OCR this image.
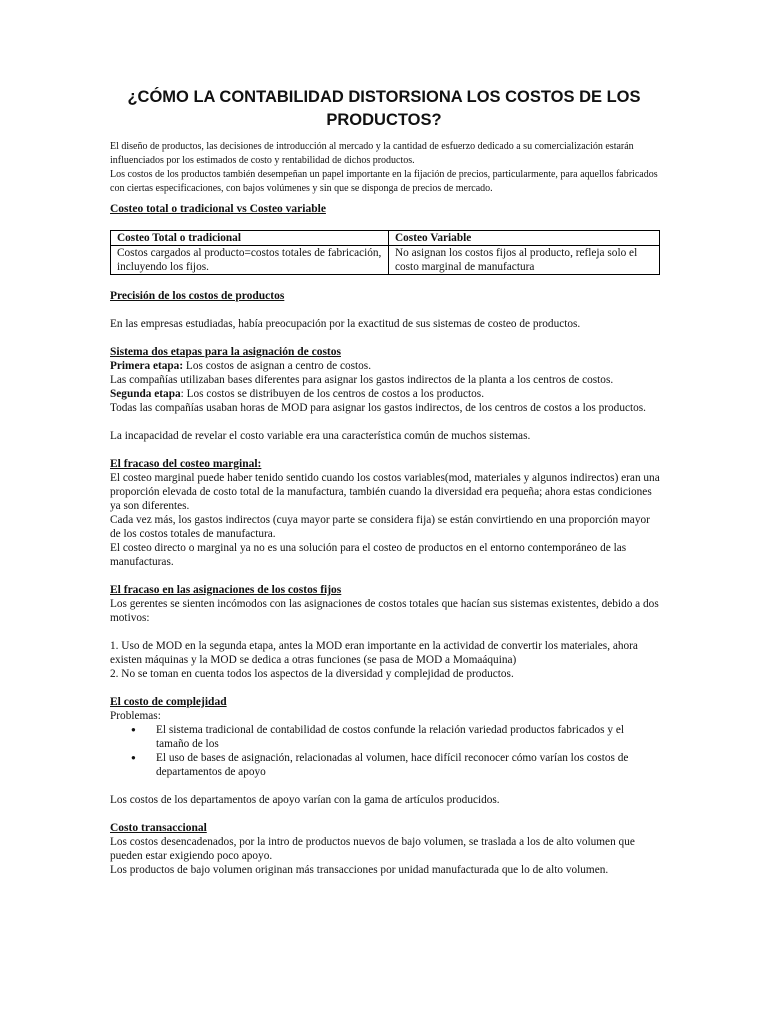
¿CÓMO LA CONTABILIDAD DISTORSIONA LOS COSTOS DE LOS PRODUCTOS?

El diseño de productos, las decisiones de introducción al mercado y la cantidad de esfuerzo dedicado a su comercialización estarán influenciados por los estimados de costo y rentabilidad de dichos productos.

Los costos de los productos también desempeñan un papel importante en la fijación de precios, particularmente, para aquellos fabricados con ciertas especificaciones, con bajos volúmenes y sin que se disponga de precios de mercado.

Costeo total o tradicional vs Costeo variable
Costeo Total o tradicional	Costeo Variable
Costos cargados al producto=costos totales de fabricación, incluyendo los fijos.	No asignan los costos fijos al producto, refleja solo el costo marginal de manufactura
Precisión de los costos de productos

En las empresas estudiadas, había preocupación por la exactitud de sus sistemas de costeo de productos.

Sistema dos etapas para la asignación de costos

Primera etapa: Los costos de asignan a centro de costos.

Las compañías utilizaban bases diferentes para asignar los gastos indirectos de la planta a los centros de costos.

Segunda etapa: Los costos se distribuyen de los centros de costos a los productos.

Todas las compañías usaban horas de MOD para asignar los gastos indirectos, de los centros de costos a los productos.

La incapacidad de revelar el costo variable era una característica común de muchos sistemas.

El fracaso del costeo marginal:

El costeo marginal puede haber tenido sentido cuando los costos variables(mod, materiales y algunos indirectos) eran una proporción elevada de costo total de la manufactura, también cuando la diversidad era pequeña; ahora estas condiciones ya son diferentes.

Cada vez más, los gastos indirectos (cuya mayor parte se considera fija) se están convirtiendo en una proporción mayor de los costos totales de manufactura.

El costeo directo o marginal ya no es una solución para el costeo de productos en el entorno contemporáneo de las manufacturas.

El fracaso en las asignaciones de los costos fijos

Los gerentes se sienten incómodos con las asignaciones de costos totales que hacían sus sistemas existentes, debido a dos motivos:

1. Uso de MOD en la segunda etapa, antes la MOD eran importante en la actividad de convertir los materiales, ahora existen máquinas y la MOD se dedica a otras funciones (se pasa de MOD a Momaáquina)

2. No se toman en cuenta todos los aspectos de la diversidad y complejidad de productos.

El costo de complejidad

Problemas:

● El sistema tradicional de contabilidad de costos confunde la relación variedad productos fabricados y el tamaño de los
● El uso de bases de asignación, relacionadas al volumen, hace difícil reconocer cómo varían los costos de departamentos de apoyo

Los costos de los departamentos de apoyo varían con la gama de artículos producidos.

Costo transaccional

Los costos desencadenados, por la intro de productos nuevos de bajo volumen, se traslada a los de alto volumen que pueden estar exigiendo poco apoyo.

Los productos de bajo volumen originan más transacciones por unidad manufacturada que lo de alto volumen.
